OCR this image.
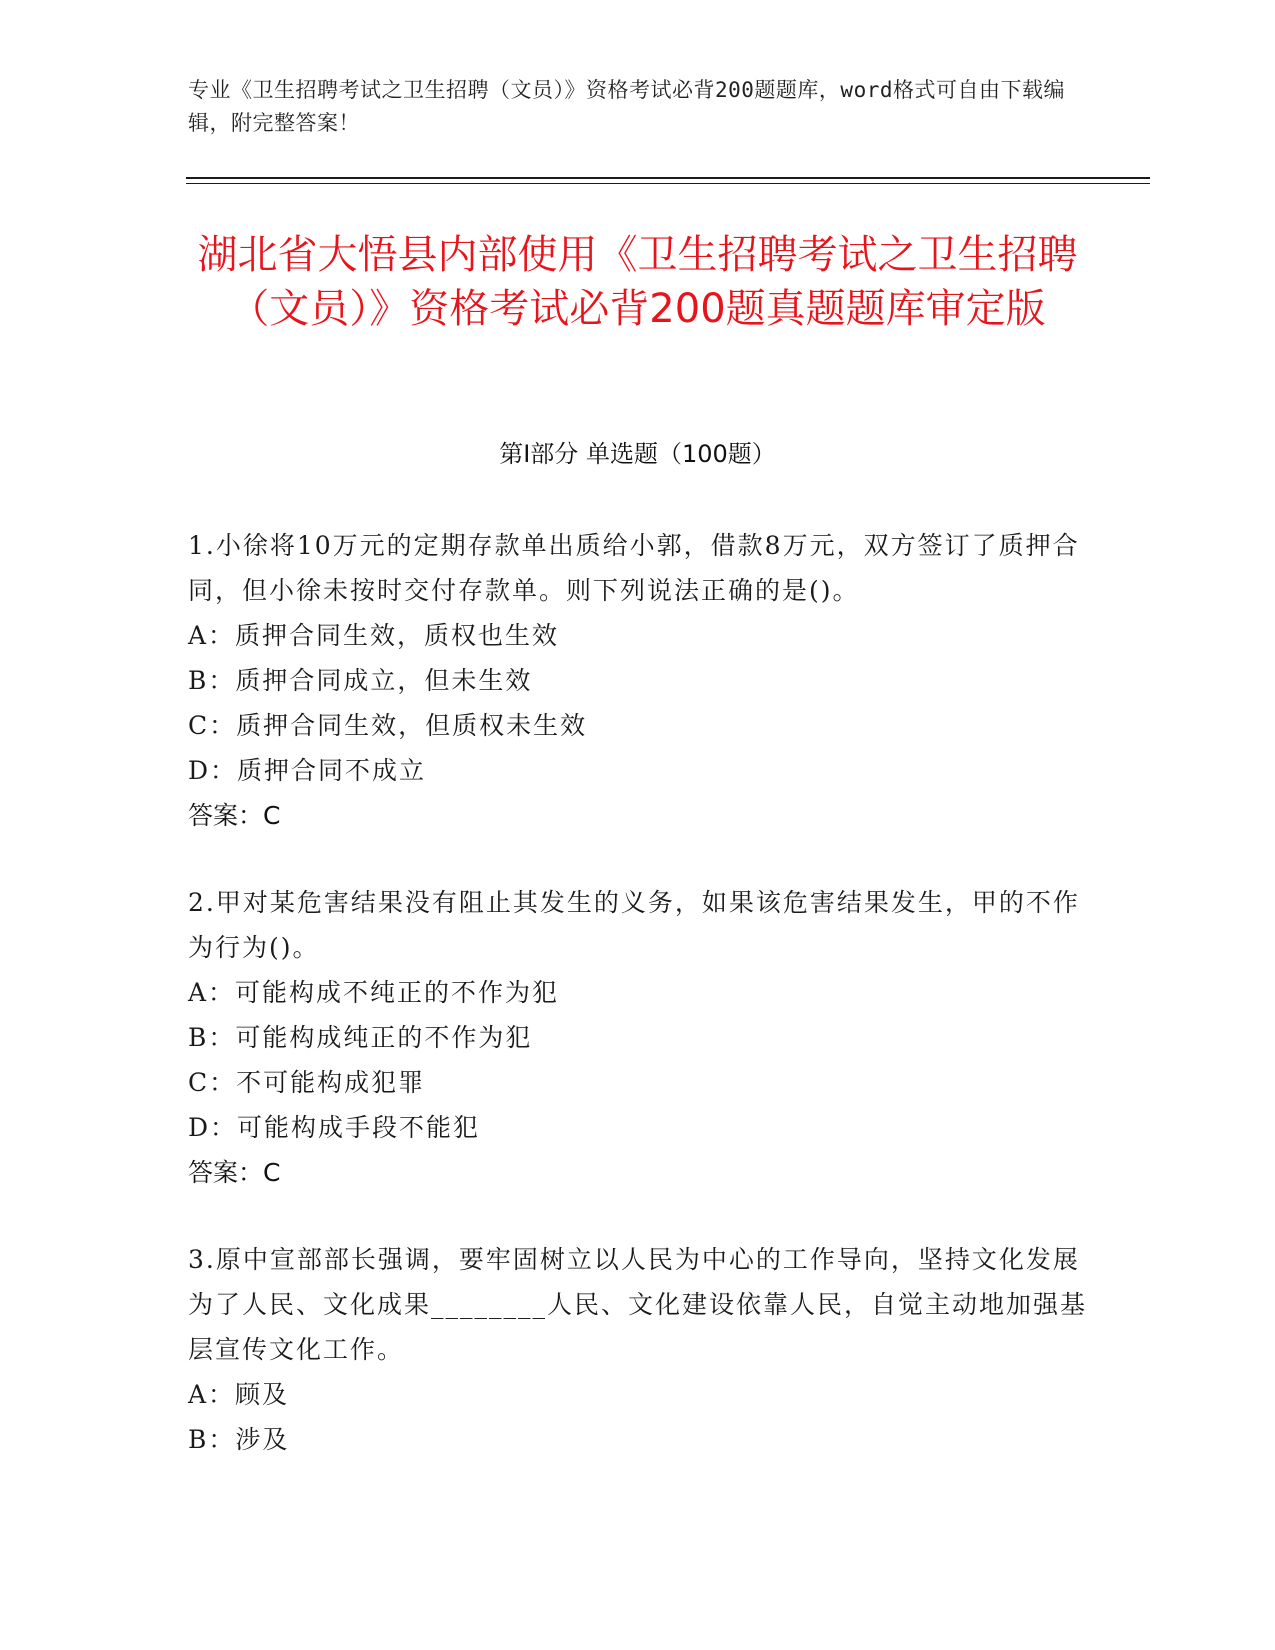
专业《卫生招聘考试之卫生招聘（文员）》资格考试必背200题题库，word格式可自由下载编辑，附完整答案！
湖北省大悟县内部使用《卫生招聘考试之卫生招聘（文员）》资格考试必背200题真题题库审定版
第I部分 单选题（100题）

1.小徐将10万元的定期存款单出质给小郭，借款8万元，双方签订了质押合同，但小徐未按时交付存款单。则下列说法正确的是()。

A：质押合同生效，质权也生效

B：质押合同成立，但未生效

C：质押合同生效，但质权未生效

D：质押合同不成立

答案：C

2.甲对某危害结果没有阻止其发生的义务，如果该危害结果发生，甲的不作为行为()。

A：可能构成不纯正的不作为犯

B：可能构成纯正的不作为犯

C：不可能构成犯罪

D：可能构成手段不能犯

答案：C

3.原中宣部部长强调，要牢固树立以人民为中心的工作导向，坚持文化发展为了人民、文化成果________人民、文化建设依靠人民，自觉主动地加强基层宣传文化工作。

A：顾及

B：涉及
